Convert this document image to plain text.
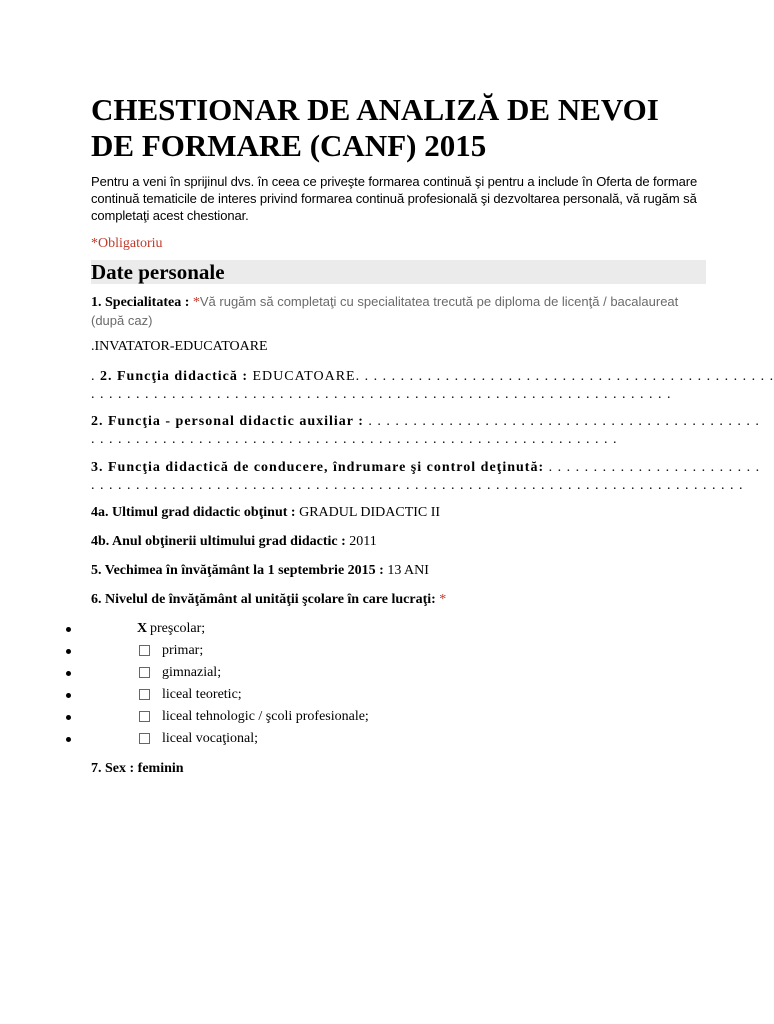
CHESTIONAR DE ANALIZĂ DE NEVOI DE FORMARE (CANF) 2015
Pentru a veni în sprijinul dvs. în ceea ce priveşte formarea continuă şi pentru a include în Oferta de formare continuă tematicile de interes privind formarea continuă profesională şi dezvoltarea personală, vă rugăm să completaţi acest chestionar.
*Obligatoriu
Date personale
1. Specialitatea : *Vă rugăm să completaţi cu specialitatea trecută pe diploma de licenţă / bacalaureat (după caz)
.INVATATOR-EDUCATOARE
. 2. Funcţia didactică : EDUCATOARE. . . . . . . . . . . . . . . . . . . . . . . . . . . . . . . . . . . . . . . . . . . . . . .
. . . . . . . . . . . . . . . . . . . . . . . . . . . . . . . . . . . . . . . . . . . . . . . . . . . . . . . . . . . . . . . . .
2. Funcţia - personal didactic auxiliar : . . . . . . . . . . . . . . . . . . . . . . . . . . . . . . . . . . . . . . . . . . . .
. . . . . . . . . . . . . . . . . . . . . . . . . . . . . . . . . . . . . . . . . . . . . . . . . . . . . . . . . . .
3. Funcţia didactică de conducere, îndrumare şi control deţinută: . . . . . . . . . . . . . . . . . . . . . . . .
. . . . . . . . . . . . . . . . . . . . . . . . . . . . . . . . . . . . . . . . . . . . . . . . . . . . . . . . . . . . . . . . . . . . . . . . .
4a. Ultimul grad didactic obţinut : GRADUL DIDACTIC II
4b. Anul obţinerii ultimului grad didactic : 2011
5. Vechimea în învăţământ la 1 septembrie 2015 : 13 ANI
6. Nivelul de învăţământ al unităţii şcolare în care lucraţi: *
X preşcolar;
primar;
gimnazial;
liceal teoretic;
liceal tehnologic / şcoli profesionale;
liceal vocaţional;
7. Sex : feminin
